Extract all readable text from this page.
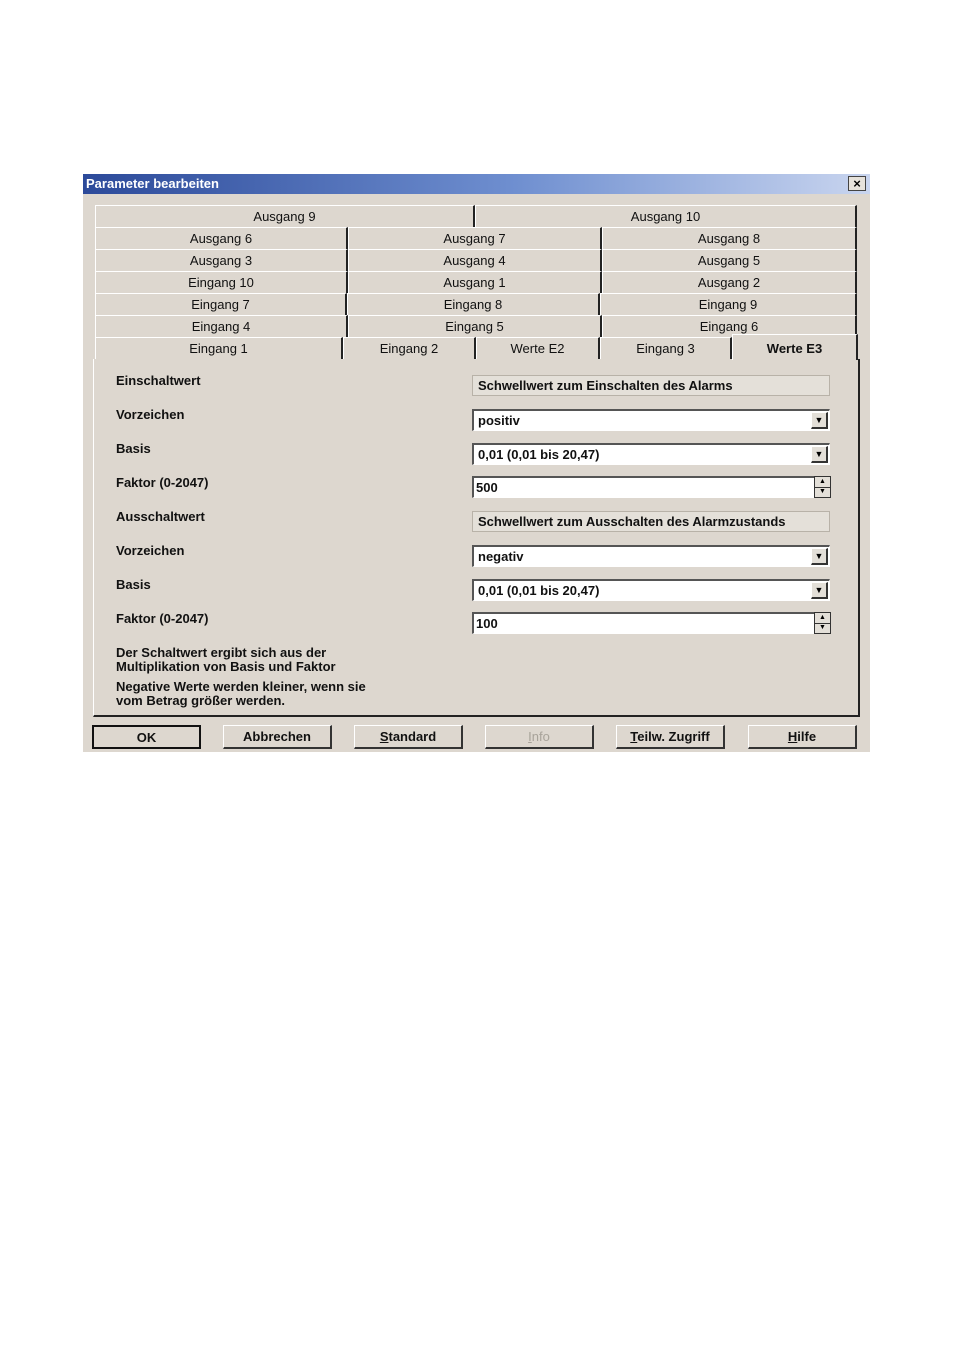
Parameter bearbeiten	×
Ausgang 9	Ausgang 10
Ausgang 6	Ausgang 7	Ausgang 8
Ausgang 3	Ausgang 4	Ausgang 5
Eingang 10	Ausgang 1	Ausgang 2
Eingang 7	Eingang 8	Eingang 9
Eingang 4	Eingang 5	Eingang 6
Eingang 1	Eingang 2	Werte E2	Eingang 3	Werte E3
Einschaltwert	Schwellwert zum Einschalten des Alarms
Vorzeichen	positiv	▼
Basis	0,01 (0,01 bis 20,47)	▼
Faktor (0-2047)	500	▲
▼
Ausschaltwert	Schwellwert zum Ausschalten des Alarmzustands
Vorzeichen	negativ	▼
Basis	0,01 (0,01 bis 20,47)	▼
Faktor (0-2047)	100	▲
▼
Der Schaltwert ergibt sich aus der
Multiplikation von Basis und Faktor
Negative Werte werden kleiner, wenn sie
vom Betrag größer werden.
OK	Abbrechen	Standard	Info	Teilw. Zugriff	Hilfe
